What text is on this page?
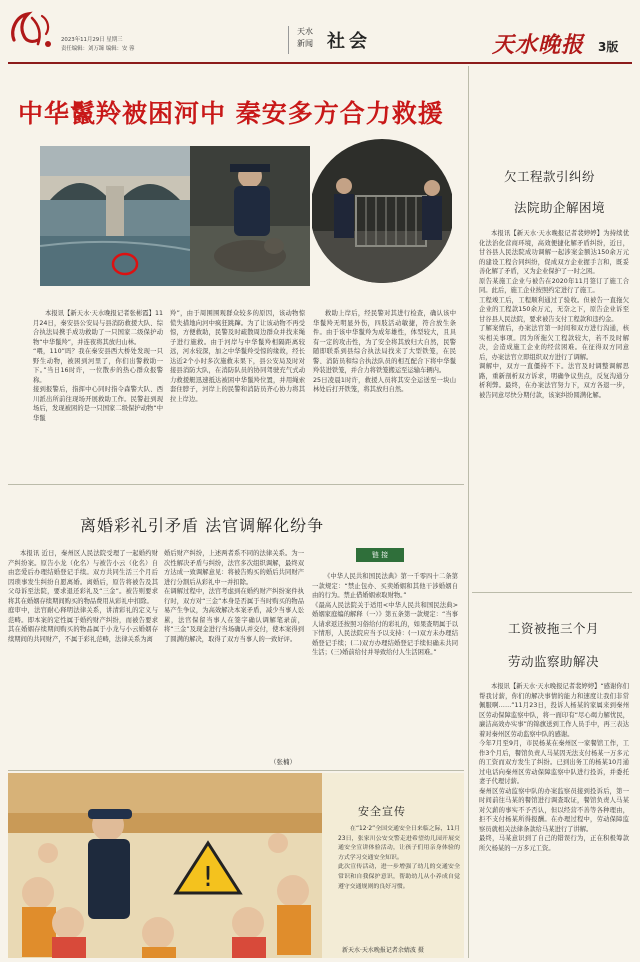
2023年11月29日 星期三
责任编辑：刘万臻 编辑：安 蓉
天水
新闻 社会	天水晚报 3版
中华鬣羚被困河中 秦安多方合力救援

本报讯【新天水·天水晚报记者张彬霞】11月24日，秦安县公安局与县消防救援大队、综合执法局携手成功救助了一只国家二级保护动物“中华鬣羚”，并连夜将其放归山林。
“喂，110”吗？我在秦安县西大桥处发现一只野生动物，被困到河里了，你们出警救助一下。”当日16时许，一位散步的热心群众报警称。
接到报警后，指挥中心同时指令森警大队、西川派出所前往现场开展救助工作。民警赶到现场后，发现被困的是一只国家二级保护动物“中华鬣

羚”，由于周围围观群众较多的原因，该动物惊慌失措地向河中疯狂跳蹿。为了让该动物不再受惊，方便救助，民警及时疏散周边群众并找来绳子进行施救。由于河岸与中华鬣羚相隔距离较远，河水较深，加之中华鬣羚受惊的缘故，经长达近2个小时多次施救未果下，县公安局及时对接县消防大队，在消防队员的协同驾驶充气式动力救援艇迅速抵达被困中华鬣羚位置，并用绳索套住脖子，河岸上的民警和消防员齐心协力将其拉上岸边。

救助上岸后，经民警对其进行检查，确认该中华鬣羚无明显外伤，四肢活动敏捷，符合放生条件。由于该中华鬣羚为成年雄性，体型较大，且具有一定的攻击性，为了安全将其放归大自然，民警随即联系到县综合执法局找来了大型铁笼，在民警、消防员和综合执法队员的相互配合下将中华鬣羚装进铁笼，并合力将铁笼搬运至运输车辆内。
25日凌晨1时许，救援人员将其安全运送至一块山林处后打开铁笼，将其放归自然。

离婚彩礼引矛盾 法官调解化纷争

本报讯 近日，秦州区人民法院受理了一起婚约财产纠纷案。原告小龙（化名）与被告小云（化名）自由恋爱后办理结婚登记手续。双方共同生活三个月后因琐事发生纠纷自愿离婚。离婚后，原告将被告及其父母诉至法院，要求退还彩礼及“三金”。被告则要求将其在婚姻存续期间购买的物品费用从彩礼中扣除。
庭审中，法官耐心释明法律关系，讲清彩礼的定义与范畴。即本案的定性属于婚约财产纠纷，而被告要求其在婚姻存续期间购买的物品属于小龙与小云婚姻存续期间的共同财产，不属于彩礼范畴，法律关系为离

婚后财产纠纷，上述两者系不同的法律关系。为一次性解决矛盾与纠纷，法官多次组织调解，最终双方达成一致调解意见：将被告购买的婚后共同财产进行分割后从彩礼中一并扣除。
在调解过程中，法官考虑到在婚约财产纠纷案件执行时，双方对“三金”本身是否属于当时购买的物品易产生争议，为高效解决本案矛盾，减少当事人讼累，法官保留当事人在签字确认调解笔录前，将“三金”及现金进行当场确认并交付，使本案得到了圆满的解决，取得了双方当事人的一致好评。

（张楠）
链 接

《中华人民共和国民法典》第一千零四十二条第一款规定：“禁止包办、买卖婚姻和其他干涉婚姻自由的行为。禁止借婚姻索取财物。”
《最高人民法院关于适用<中华人民共和国民法典>婚姻家庭编的解释（一）》第五条第一款规定：“当事人请求返还按照习俗给付的彩礼的，如果查明属于以下情形，人民法院应当予以支持：(一)双方未办理结婚登记手续；(二)双方办理结婚登记手续但确未共同生活；(三)婚前给付并导致给付人生活困难。”

!
安全宣传

在“12·2”全国交通安全日来临之际，11月23日，张家川公安交警走进希望幼儿园开展交通安全宣讲体验活动，让孩子们用亲身体验的方式学习交通安全知识。
此次宣传活动，进一步增强了幼儿的交通安全常识和自我保护意识，帮助幼儿从小养成自觉遵守交通规则的良好习惯。

新天水·天水晚报记者余婧波 摄
欠工程款引纠纷
法院助企解困境

本报讯【新天水·天水晚报记者裴婷婷】为持续优化法治化营商环境，高效便捷化解矛盾纠纷，近日，甘谷县人民法院成功调解一起涉案金额达150余万元的建设工程合同纠纷，促成双方企业握手言和，既妥善化解了矛盾，又为企业保护了一时之困。
原告某施工企业与被告在2020年11月签订了施工合同。此后，施工企业按照约定进行了施工。
工程竣工后，工程顺利通过了验收。但被告一直拖欠企业的工程款150余万元，无奈之下，原告企业诉至甘谷县人民法院，要求被告支付工程款和违约金。
了解案情后，办案法官第一时间和双方进行沟通，核实相关事项。因为所拖欠工程款较大，若不及时解决，会造成施工企业的经营困难。在征得双方同意后，办案法官立即组织双方进行了调解。
调解中，双方一直僵持不下。法官及时调整调解思路，重新剖析双方诉求，明确争议焦点，反复沟通分析利弊。最终，在办案法官努力下，双方各退一步，被告同意尽快分期付款，该案纠纷圆满化解。

工资被拖三个月
劳动监察助解决

本报讯【新天水·天水晚报记者裴婷婷】“感谢你们帮我讨薪，你们的解决事情的能力和速度让我们非常佩服啊……”11月23日，投诉人杨某的家属来到秦州区劳动保障监察中队，将一面印有“尽心竭力解忧民，廉洁高效办实事”的锦旗送到工作人员手中，再三表达着对秦州区劳动监察中队的感谢。
今年7月至9月，市民杨某在秦州区一家餐馆工作，工作3个月后，餐馆负责人马某因无法支付杨某一万多元的工资而双方发生了纠纷。已到出务工的杨某10月通过电话向秦州区劳动保障监察中队进行投诉，并委托妻子代理讨薪。
秦州区劳动监察中队的办案监察员接到投诉后，第一时间前往马某的餐馆进行调查取证，餐馆负责人马某对欠薪的事实不予否认，但以经营不善等各种理由，拒不支付杨某所得报酬。在办理过程中，劳动保障监察员就相关法律条款给马某进行了讲解。
最终，马某意识到了自己的错误行为，正在积极筹款所欠杨某的一万多元工资。
